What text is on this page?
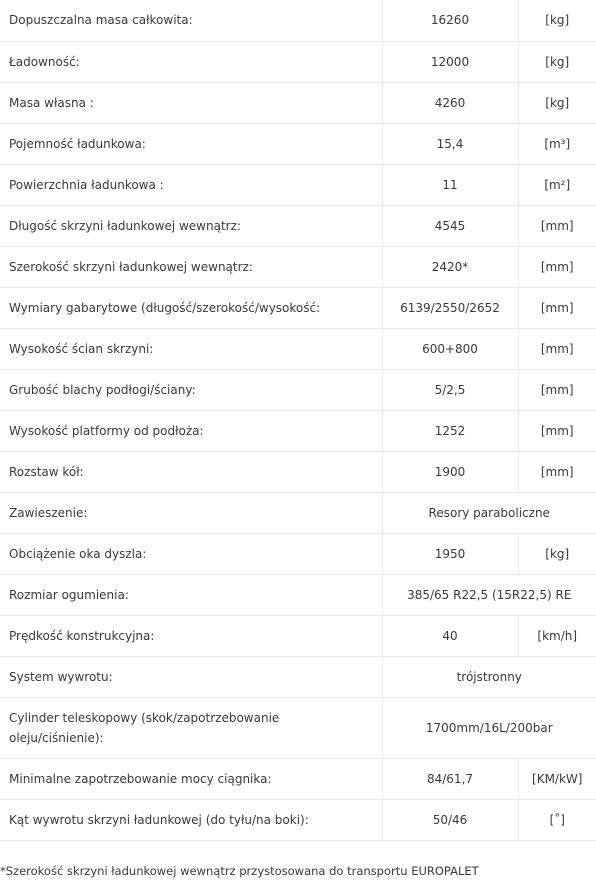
Dopuszczalna masa całkowita:	16260	[kg]
Ładowność:	12000	[kg]
Masa własna :	4260	[kg]
Pojemność ładunkowa:	15,4	[m³]
Powierzchnia ładunkowa :	11	[m²]
Długość skrzyni ładunkowej wewnątrz:	4545	[mm]
Szerokość skrzyni ładunkowej wewnątrz:	2420*	[mm]
Wymiary gabarytowe (długość/szerokość/wysokość:	6139/2550/2652	[mm]
Wysokość ścian skrzyni:	600+800	[mm]
Grubość blachy podłogi/ściany:	5/2,5	[mm]
Wysokość platformy od podłoża:	1252	[mm]
Rozstaw kół:	1900	[mm]
Zawieszenie:	Resory paraboliczne	
Obciążenie oka dyszla:	1950	[kg]
Rozmiar ogumienia:	385/65 R22,5 (15R22,5) RE	
Prędkość konstrukcyjna:	40	[km/h]
System wywrotu:	trójstronny	
Cylinder teleskopowy (skok/zapotrzebowanie oleju/ciśnienie):	1700mm/16L/200bar	
Minimalne zapotrzebowanie mocy ciągnika:	84/61,7	[KM/kW]
Kąt wywrotu skrzyni ładunkowej (do tyłu/na boki):	50/46	[˚]
*Szerokość skrzyni ładunkowej wewnątrz przystosowana do transportu EUROPALET
